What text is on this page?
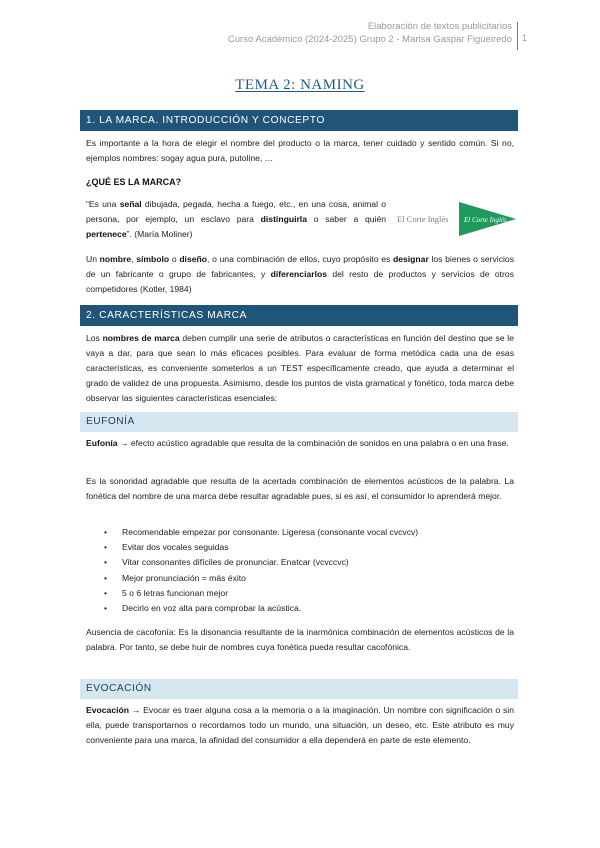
Elaboración de textos publicitarios
Curso Académico (2024-2025) Grupo 2 - Marisa Gaspar Figueiredo 1
TEMA 2: NAMING
1. LA MARCA. INTRODUCCIÓN Y CONCEPTO

Es importante a la hora de elegir el nombre del producto o la marca, tener cuidado y sentido común. Si no, ejemplos nombres: sogay agua pura, putoline, …

¿QUÉ ES LA MARCA?

“Es una señal dibujada, pegada, hecha a fuego, etc., en una cosa, animal o persona, por ejemplo, un esclavo para distinguirla o saber a quién pertenece”. (María Moliner)

El Corte Inglés El Corte Inglés

Un nombre, símbolo o diseño, o una combinación de ellos, cuyo propósito es designar los bienes o servicios de un fabricante o grupo de fabricantes, y diferenciarlos del resto de productos y servicios de otros competidores (Kotler, 1984)

2. CARACTERÍSTICAS MARCA

Los nombres de marca deben cumplir una serie de atributos o características en función del destino que se le vaya a dar, para que sean lo más eficaces posibles. Para evaluar de forma metódica cada una de esas características, es conveniente someterlos a un TEST específicamente creado, que ayuda a determinar el grado de validez de una propuesta. Asimismo, desde los puntos de vista gramatical y fonético, toda marca debe observar las siguientes características esenciales:

EUFONÍA

Eufonía → efecto acústico agradable que resulta de la combinación de sonidos en una palabra o en una frase.

Es la sonoridad agradable que resulta de la acertada combinación de elementos acústicos de la palabra. La fonética del nombre de una marca debe resultar agradable pues, si es así, el consumidor lo aprenderá mejor.

• Recomendable empezar por consonante. Ligeresa (consonante vocal cvcvcv)
• Evitar dos vocales seguidas
• Vitar consonantes difíciles de pronunciar. Enatcar (vcvccvc)
• Mejor pronunciación = más éxito
• 5 o 6 letras funcionan mejor
• Decirlo en voz alta para comprobar la acústica.

Ausencia de cacofonía: Es la disonancia resultante de la inarmónica combinación de elementos acústicos de la palabra. Por tanto, se debe huir de nombres cuya fonética pueda resultar cacofónica.

EVOCACIÓN

Evocación → Evocar es traer alguna cosa a la memoria o a la imaginación. Un nombre con significación o sin ella, puede transportarnos o recordarnos todo un mundo, una situación, un deseo, etc. Este atributo es muy conveniente para una marca, la afinidad del consumidor a ella dependerá en parte de este elemento.
